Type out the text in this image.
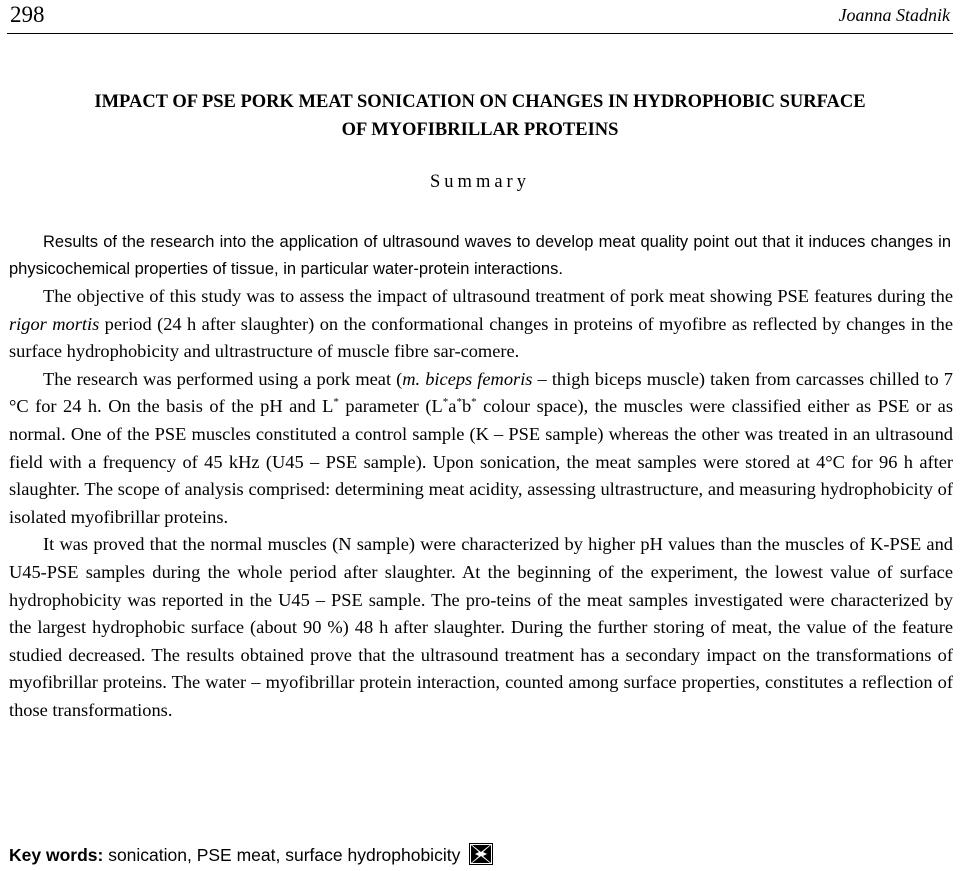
298	Joanna Stadnik
IMPACT OF PSE PORK MEAT SONICATION ON CHANGES IN HYDROPHOBIC SURFACE
OF MYOFIBRILLAR PROTEINS
Summary

Results of the research into the application of ultrasound waves to develop meat quality point out that it induces changes in physicochemical properties of tissue, in particular water-protein interactions.

The objective of this study was to assess the impact of ultrasound treatment of pork meat showing PSE features during the rigor mortis period (24 h after slaughter) on the conformational changes in proteins of myofibre as reflected by changes in the surface hydrophobicity and ultrastructure of muscle fibre sar-comere.

The research was performed using a pork meat (m. biceps femoris – thigh biceps muscle) taken from carcasses chilled to 7 °C for 24 h. On the basis of the pH and L* parameter (L*a*b* colour space), the muscles were classified either as PSE or as normal. One of the PSE muscles constituted a control sample (K – PSE sample) whereas the other was treated in an ultrasound field with a frequency of 45 kHz (U45 – PSE sample). Upon sonication, the meat samples were stored at 4°C for 96 h after slaughter. The scope of analysis comprised: determining meat acidity, assessing ultrastructure, and measuring hydrophobicity of isolated myofibrillar proteins.

It was proved that the normal muscles (N sample) were characterized by higher pH values than the muscles of K-PSE and U45-PSE samples during the whole period after slaughter. At the beginning of the experiment, the lowest value of surface hydrophobicity was reported in the U45 – PSE sample. The pro-teins of the meat samples investigated were characterized by the largest hydrophobic surface (about 90 %) 48 h after slaughter. During the further storing of meat, the value of the feature studied decreased. The results obtained prove that the ultrasound treatment has a secondary impact on the transformations of myofibrillar proteins. The water – myofibrillar protein interaction, counted among surface properties, constitutes a reflection of those transformations.

Key words: sonication, PSE meat, surface hydrophobicity
